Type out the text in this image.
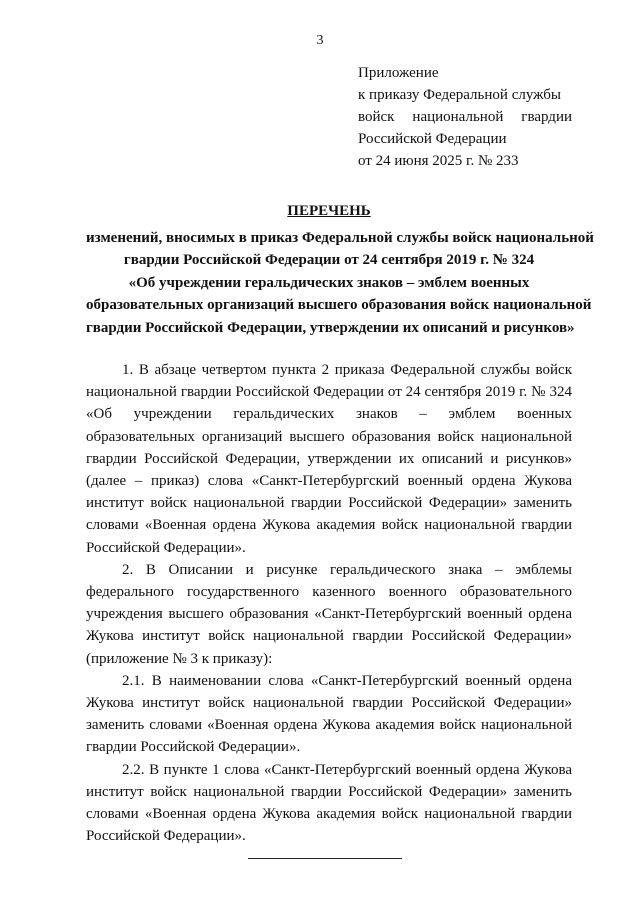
3
Приложение
к приказу Федеральной службы
войск национальной гвардии
Российской Федерации
от 24 июня 2025 г. № 233
ПЕРЕЧЕНЬ
изменений, вносимых в приказ Федеральной службы войск национальной
гвардии Российской Федерации от 24 сентября 2019 г. № 324
«Об учреждении геральдических знаков – эмблем военных
образовательных организаций высшего образования войск национальной
гвардии Российской Федерации, утверждении их описаний и рисунков»

1. В абзаце четвертом пункта 2 приказа Федеральной службы войск национальной гвардии Российской Федерации от 24 сентября 2019 г. № 324 «Об учреждении геральдических знаков – эмблем военных образовательных организаций высшего образования войск национальной гвардии Российской Федерации, утверждении их описаний и рисунков» (далее – приказ) слова «Санкт-Петербургский военный ордена Жукова институт войск национальной гвардии Российской Федерации» заменить словами «Военная ордена Жукова академия войск национальной гвардии Российской Федерации».

2. В Описании и рисунке геральдического знака – эмблемы федерального государственного казенного военного образовательного учреждения высшего образования «Санкт-Петербургский военный ордена Жукова институт войск национальной гвардии Российской Федерации» (приложение № 3 к приказу):

2.1. В наименовании слова «Санкт-Петербургский военный ордена Жукова институт войск национальной гвардии Российской Федерации» заменить словами «Военная ордена Жукова академия войск национальной гвардии Российской Федерации».

2.2. В пункте 1 слова «Санкт-Петербургский военный ордена Жукова институт войск национальной гвардии Российской Федерации» заменить словами «Военная ордена Жукова академия войск национальной гвардии Российской Федерации».
